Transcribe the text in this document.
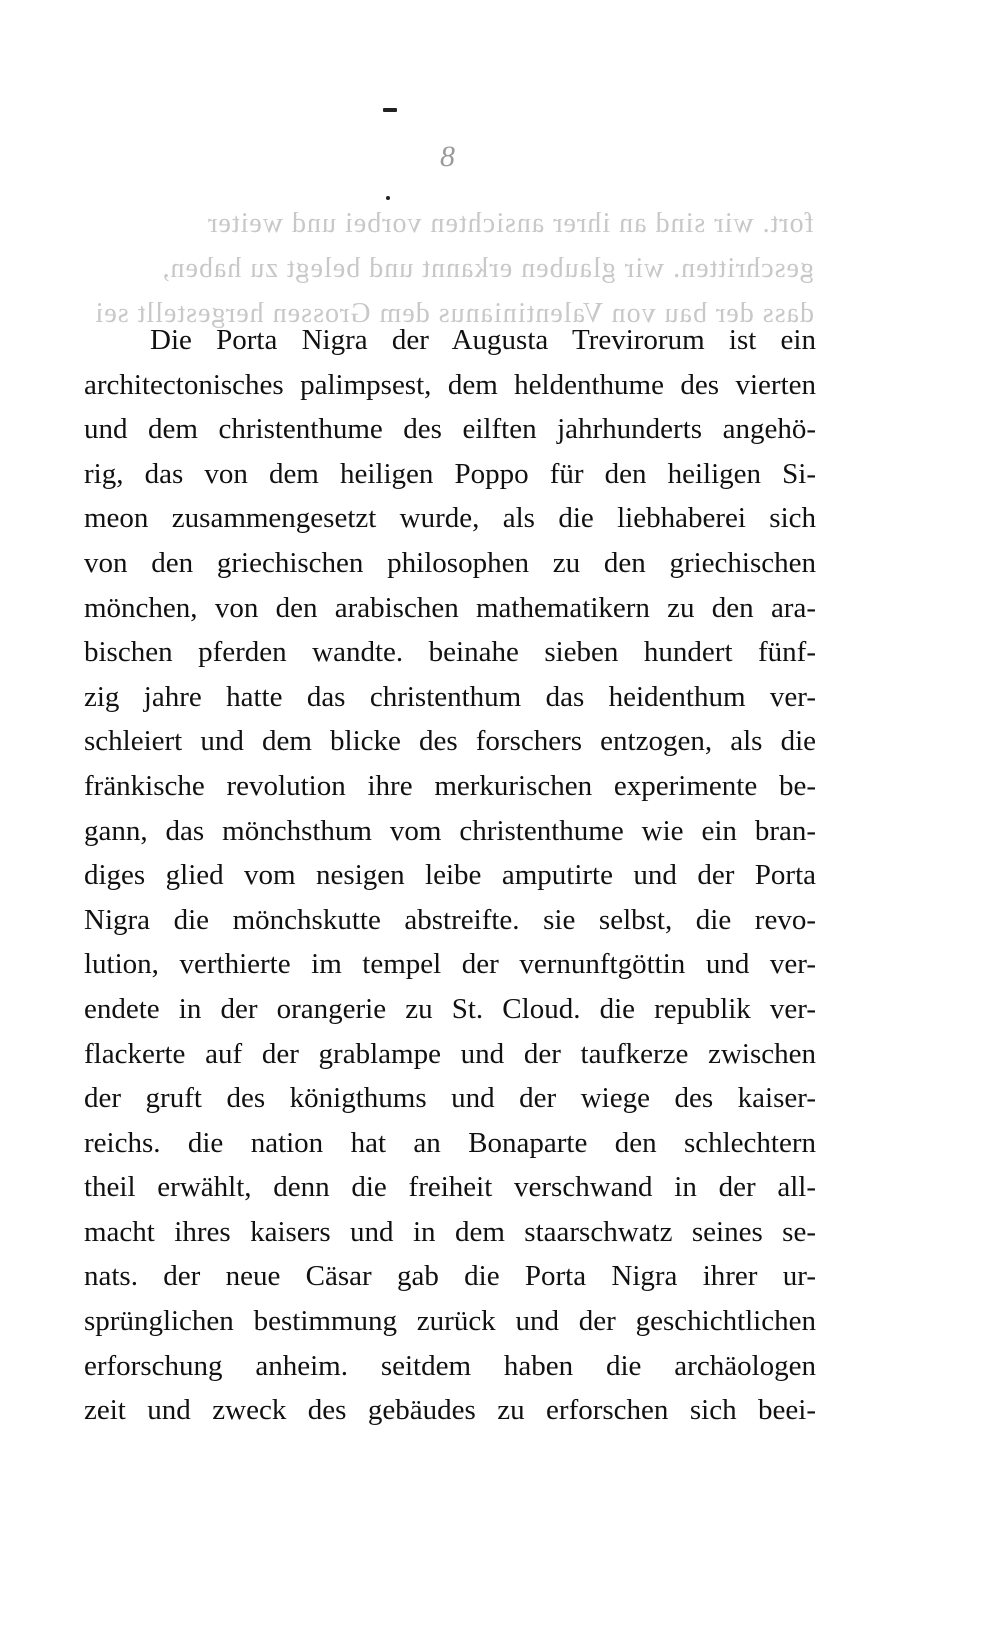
8
fort. wir sind an ihrer ansichten vorbei und weiter
geschritten. wir glauben erkannt und belegt zu haben,
dass der bau von Valentinianus dem Grossen hergestellt sei
Die Porta Nigra der Augusta Trevirorum ist ein
architectonisches palimpsest, dem heldenthume des vierten
und dem christenthume des eilften jahrhunderts angehö-
rig, das von dem heiligen Poppo für den heiligen Si-
meon zusammengesetzt wurde, als die liebhaberei sich
von den griechischen philosophen zu den griechischen
mönchen, von den arabischen mathematikern zu den ara-
bischen pferden wandte. beinahe sieben hundert fünf-
zig jahre hatte das christenthum das heidenthum ver-
schleiert und dem blicke des forschers entzogen, als die
fränkische revolution ihre merkurischen experimente be-
gann, das mönchsthum vom christenthume wie ein bran-
diges glied vom nesigen leibe amputirte und der Porta
Nigra die mönchskutte abstreifte. sie selbst, die revo-
lution, verthierte im tempel der vernunftgöttin und ver-
endete in der orangerie zu St. Cloud. die republik ver-
flackerte auf der grablampe und der taufkerze zwischen
der gruft des königthums und der wiege des kaiser-
reichs. die nation hat an Bonaparte den schlechtern
theil erwählt, denn die freiheit verschwand in der all-
macht ihres kaisers und in dem staarschwatz seines se-
nats. der neue Cäsar gab die Porta Nigra ihrer ur-
sprünglichen bestimmung zurück und der geschichtlichen
erforschung anheim. seitdem haben die archäologen
zeit und zweck des gebäudes zu erforschen sich beei-
